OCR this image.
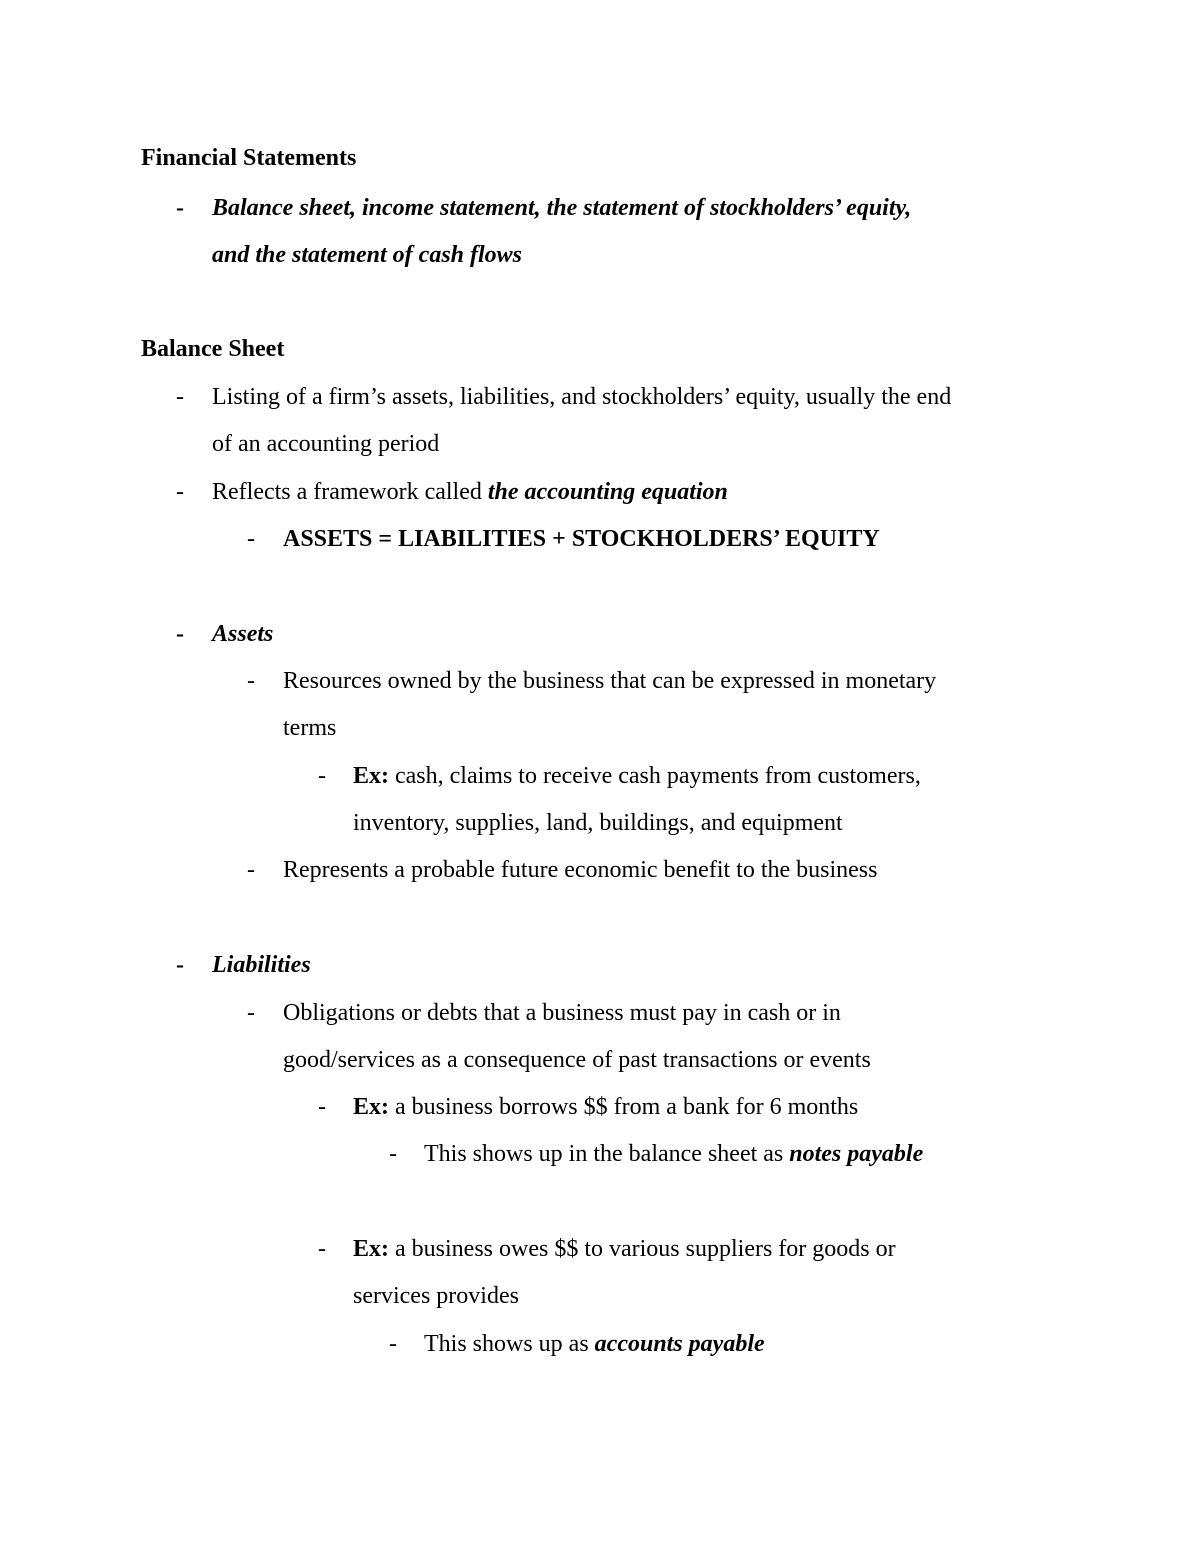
Financial Statements
- Balance sheet, income statement, the statement of stockholders’ equity,
and the statement of cash flows
Balance Sheet
- Listing of a firm’s assets, liabilities, and stockholders’ equity, usually the end
of an accounting period
- Reflects a framework called the accounting equation
- ASSETS = LIABILITIES + STOCKHOLDERS’ EQUITY
- Assets
- Resources owned by the business that can be expressed in monetary
terms
- Ex: cash, claims to receive cash payments from customers,
inventory, supplies, land, buildings, and equipment
- Represents a probable future economic benefit to the business
- Liabilities
- Obligations or debts that a business must pay in cash or in
good/services as a consequence of past transactions or events
- Ex: a business borrows $$ from a bank for 6 months
- This shows up in the balance sheet as notes payable
- Ex: a business owes $$ to various suppliers for goods or
services provides
- This shows up as accounts payable
